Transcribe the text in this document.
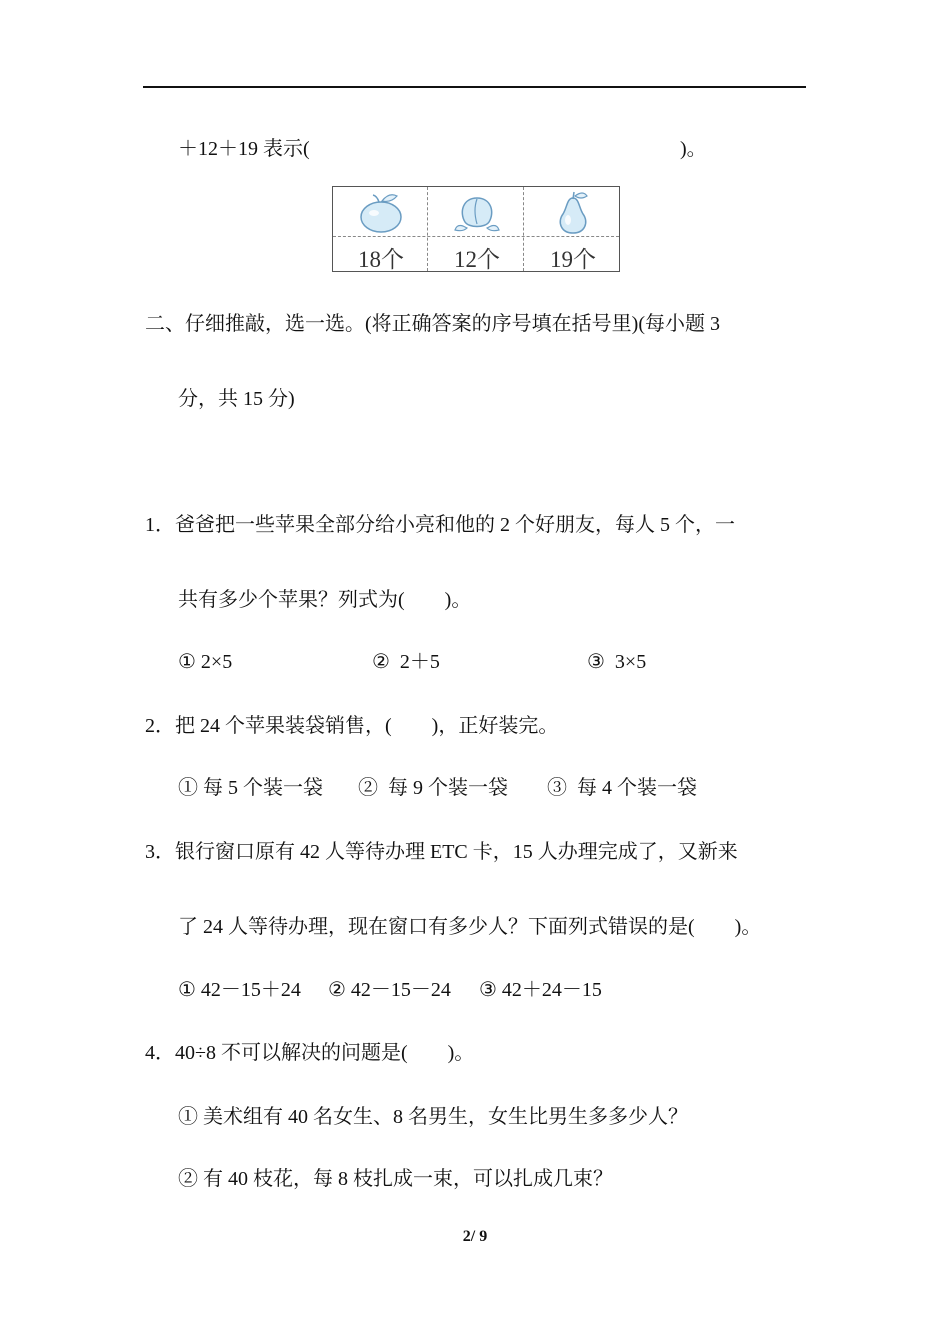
＋12＋19 表示(	)。
18个	12个	19个
二、仔细推敲，选一选。(将正确答案的序号填在括号里)(每小题 3
分，共 15 分)
1．爸爸把一些苹果全部分给小亮和他的 2 个好朋友，每人 5 个，一
共有多少个苹果？列式为(　　)。
① 2×5	②  2＋5	③  3×5
2．把 24 个苹果装袋销售，(　　)，正好装完。
① 每 5 个装一袋 ②  每 9 个装一袋 ③  每 4 个装一袋
3．银行窗口原有 42 人等待办理 ETC 卡，15 人办理完成了，又新来
了 24 人等待办理，现在窗口有多少人？下面列式错误的是(　　)。
① 42－15＋24 ② 42－15－24 ③ 42＋24－15
4．40÷8 不可以解决的问题是(　　)。
① 美术组有 40 名女生、8 名男生，女生比男生多多少人？
② 有 40 枝花，每 8 枝扎成一束，可以扎成几束？
2/ 9
